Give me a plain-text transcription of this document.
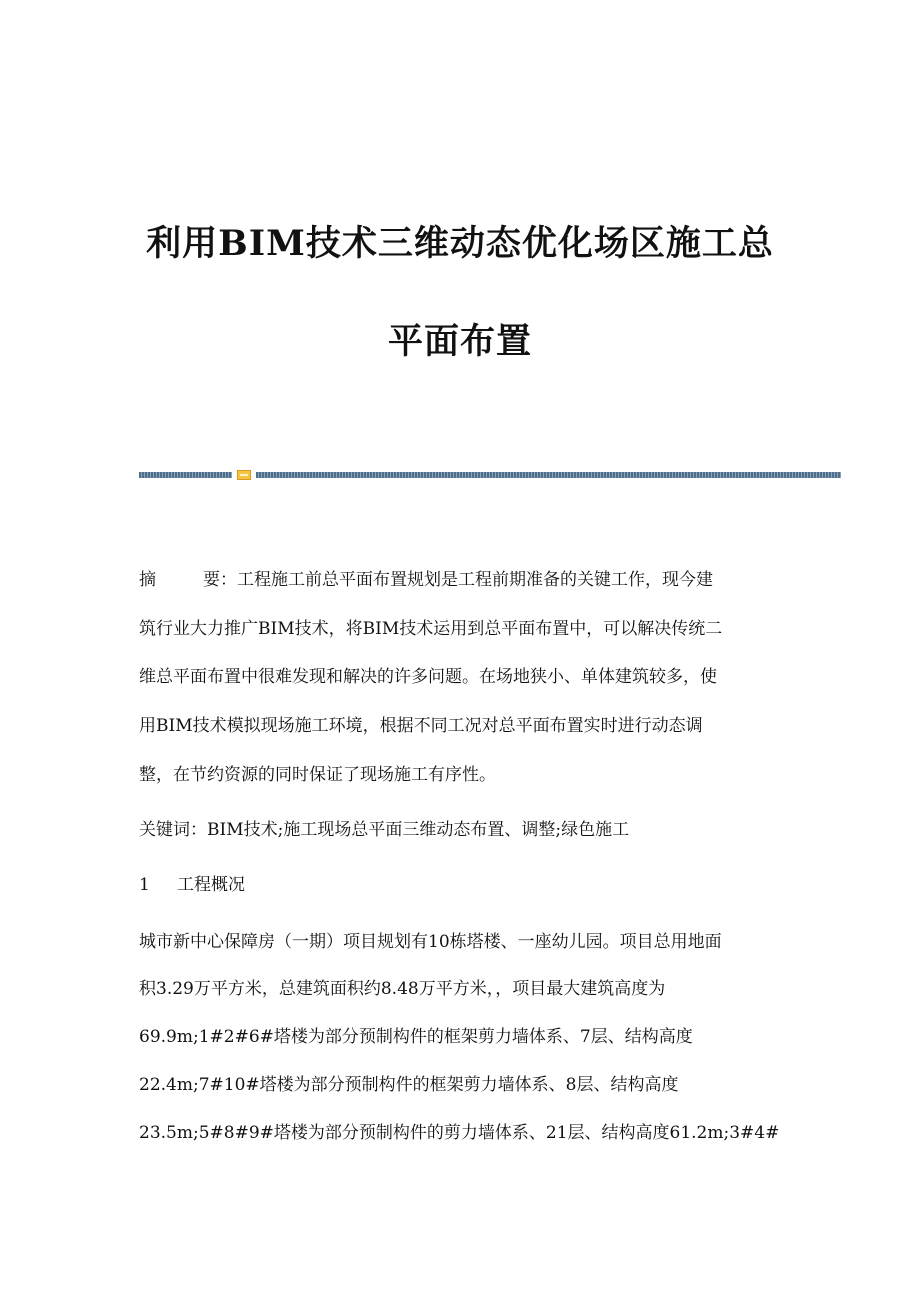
利用BIM技术三维动态优化场区施工总
平面布置
摘	要：工程施工前总平面布置规划是工程前期准备的关键工作，现今建
筑行业大力推广BIM技术，将BIM技术运用到总平面布置中，可以解决传统二
维总平面布置中很难发现和解决的许多问题。在场地狭小、单体建筑较多，使
用BIM技术模拟现场施工环境，根据不同工况对总平面布置实时进行动态调
整，在节约资源的同时保证了现场施工有序性。
关键词：BIM技术;施工现场总平面三维动态布置、调整;绿色施工
1 工程概况
城市新中心保障房（一期）项目规划有10栋塔楼、一座幼儿园。项目总用地面
积3.29万平方米，总建筑面积约8.48万平方米，，项目最大建筑高度为
69.9m;1#2#6#塔楼为部分预制构件的框架剪力墙体系、7层、结构高度
22.4m;7#10#塔楼为部分预制构件的框架剪力墙体系、8层、结构高度
23.5m;5#8#9#塔楼为部分预制构件的剪力墙体系、21层、结构高度61.2m;3#4#
